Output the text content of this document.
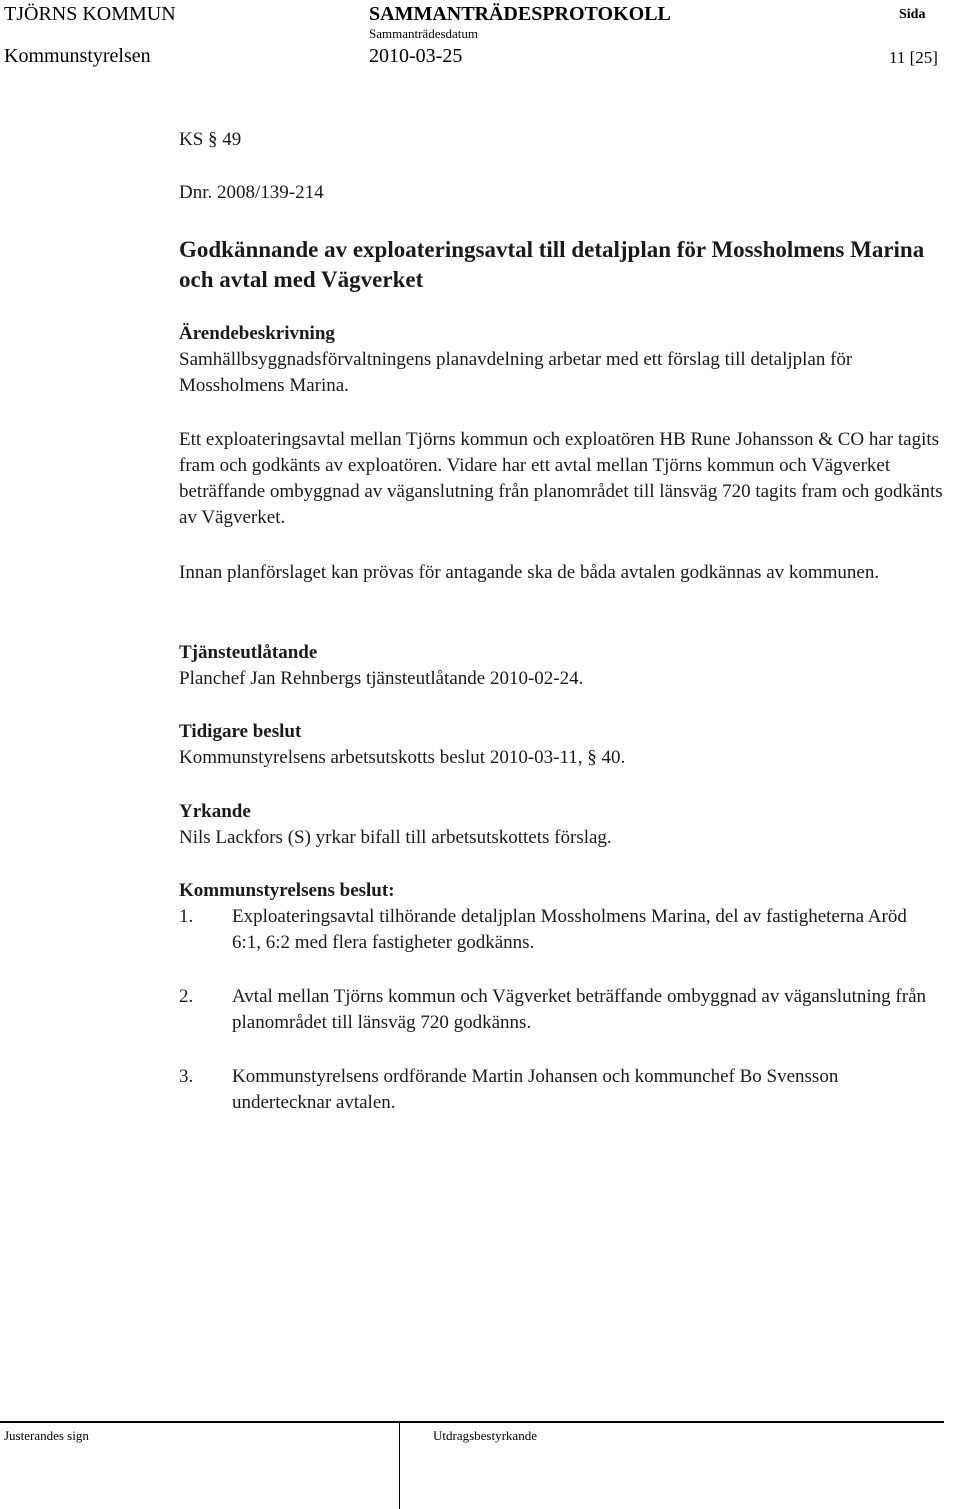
TJÖRNS KOMMUN	SAMMANTRÄDESPROTOKOLL	Sida
Sammanträdesdatum
Kommunstyrelsen	2010-03-25	11 [25]
KS § 49
Dnr. 2008/139-214
Godkännande av exploateringsavtal till detaljplan för Mossholmens Marina och avtal med Vägverket
Ärendebeskrivning
Samhällbsyggnadsförvaltningens planavdelning arbetar med ett förslag till detaljplan för Mossholmens Marina.
Ett exploateringsavtal mellan Tjörns kommun och exploatören HB Rune Johansson & CO har tagits fram och godkänts av exploatören. Vidare har ett avtal mellan Tjörns kommun och Vägverket beträffande ombyggnad av väganslutning från planområdet till länsväg 720 tagits fram och godkänts av Vägverket.
Innan planförslaget kan prövas för antagande ska de båda avtalen godkännas av kommunen.
Tjänsteutlåtande
Planchef Jan Rehnbergs tjänsteutlåtande 2010-02-24.
Tidigare beslut
Kommunstyrelsens arbetsutskotts beslut 2010-03-11, § 40.
Yrkande
Nils Lackfors (S) yrkar bifall till arbetsutskottets förslag.
Kommunstyrelsens beslut:
1. Exploateringsavtal tilhörande detaljplan Mossholmens Marina, del av fastigheterna Aröd 6:1, 6:2 med flera fastigheter godkänns.
2. Avtal mellan Tjörns kommun och Vägverket beträffande ombyggnad av väganslutning från planområdet till länsväg 720 godkänns.
3. Kommunstyrelsens ordförande Martin Johansen och kommunchef Bo Svensson undertecknar avtalen.
Justerandes sign	Utdragsbestyrkande
